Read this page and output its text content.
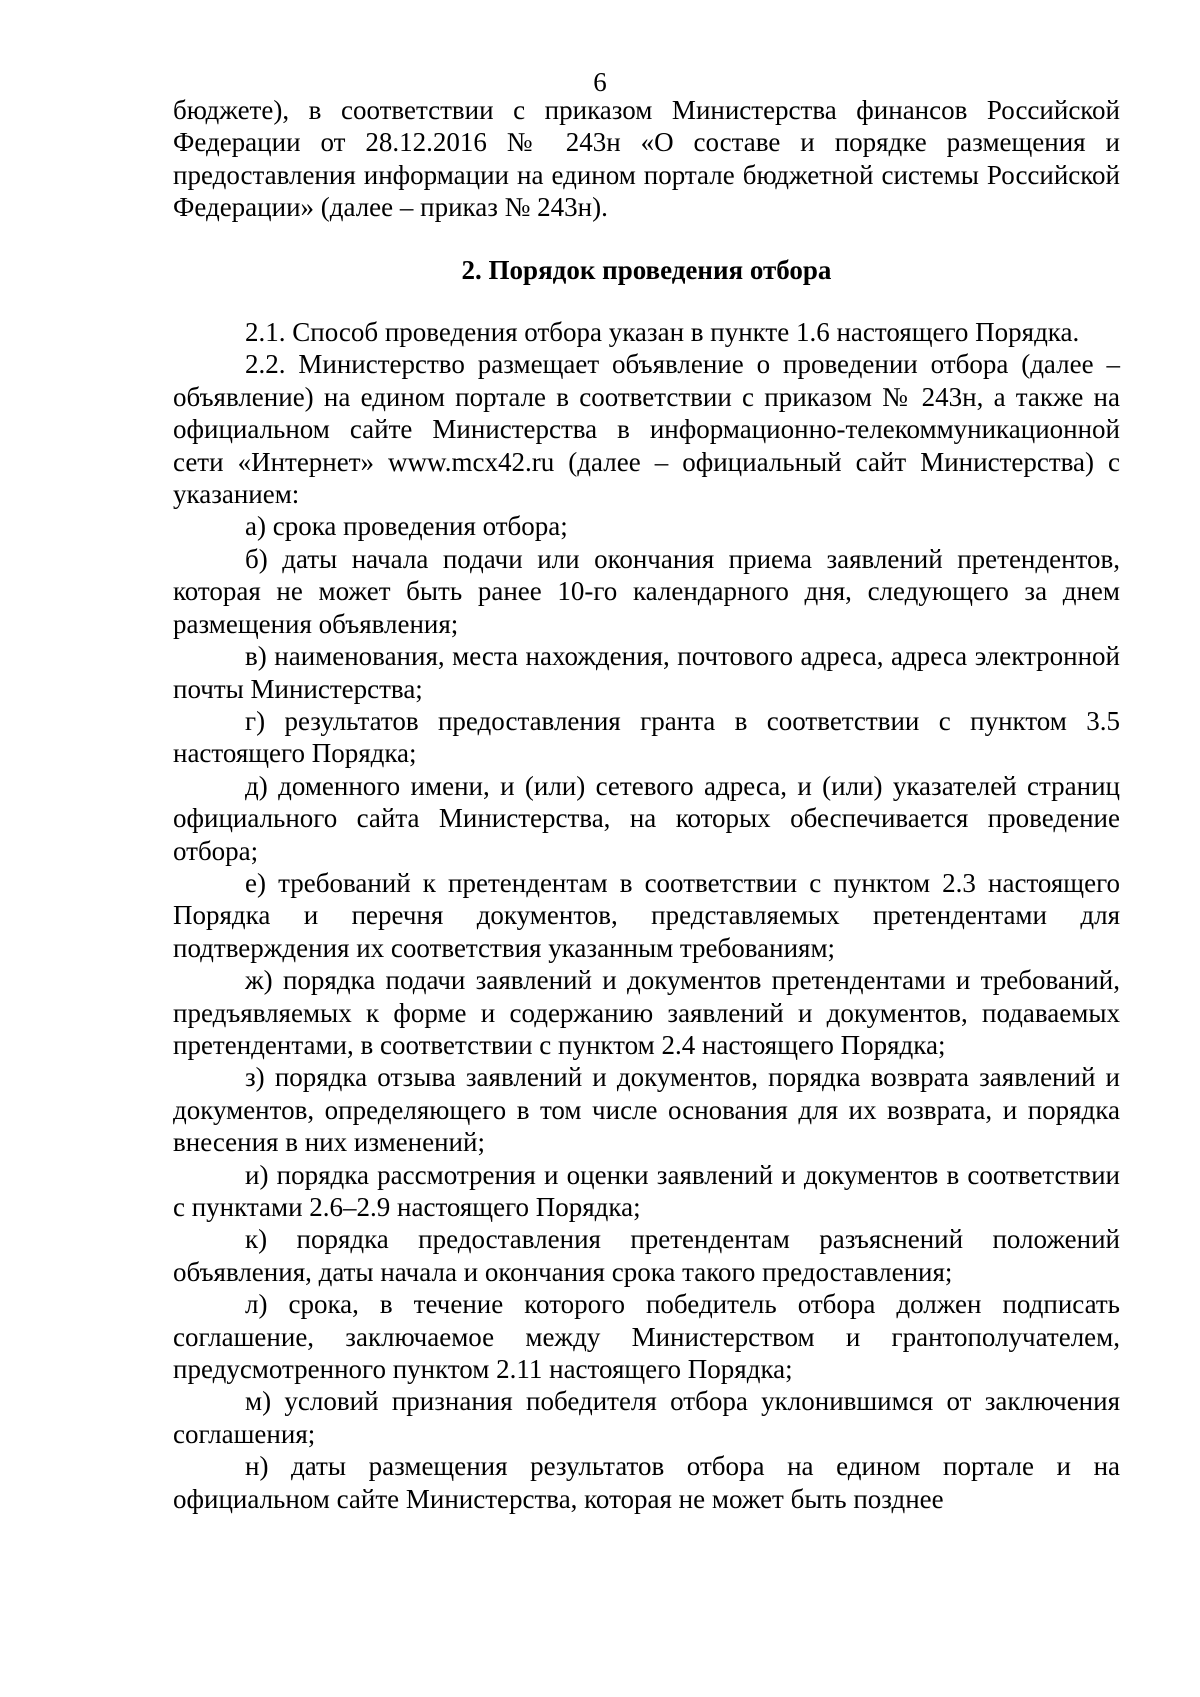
6

бюджете), в соответствии с приказом Министерства финансов Российской Федерации от 28.12.2016 № 243н «О составе и порядке размещения и предоставления информации на едином портале бюджетной системы Российской Федерации» (далее – приказ № 243н).

2. Порядок проведения отбора

2.1. Способ проведения отбора указан в пункте 1.6 настоящего Порядка.

2.2. Министерство размещает объявление о проведении отбора (далее – объявление) на едином портале в соответствии с приказом № 243н, а также на официальном сайте Министерства в информационно-телекоммуникационной сети «Интернет» www.mcx42.ru (далее – официальный сайт Министерства) с указанием:

а) срока проведения отбора;

б) даты начала подачи или окончания приема заявлений претендентов, которая не может быть ранее 10-го календарного дня, следующего за днем размещения объявления;

в) наименования, места нахождения, почтового адреса, адреса электронной почты Министерства;

г) результатов предоставления гранта в соответствии с пунктом 3.5 настоящего Порядка;

д) доменного имени, и (или) сетевого адреса, и (или) указателей страниц официального сайта Министерства, на которых обеспечивается проведение отбора;

е) требований к претендентам в соответствии с пунктом 2.3 настоящего Порядка и перечня документов, представляемых претендентами для подтверждения их соответствия указанным требованиям;

ж) порядка подачи заявлений и документов претендентами и требований, предъявляемых к форме и содержанию заявлений и документов, подаваемых претендентами, в соответствии с пунктом 2.4 настоящего Порядка;

з) порядка отзыва заявлений и документов, порядка возврата заявлений и документов, определяющего в том числе основания для их возврата, и порядка внесения в них изменений;

и) порядка рассмотрения и оценки заявлений и документов в соответствии с пунктами 2.6–2.9 настоящего Порядка;

к) порядка предоставления претендентам разъяснений положений объявления, даты начала и окончания срока такого предоставления;

л) срока, в течение которого победитель отбора должен подписать соглашение, заключаемое между Министерством и грантополучателем, предусмотренного пунктом 2.11 настоящего Порядка;

м) условий признания победителя отбора уклонившимся от заключения соглашения;

н) даты размещения результатов отбора на едином портале и на официальном сайте Министерства, которая не может быть позднее
